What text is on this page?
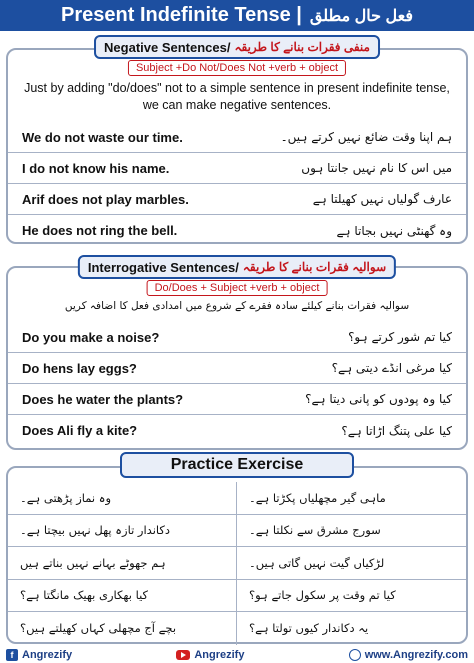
Present Indefinite Tense | فعل حال مطلق
Just by adding "do/does" not to a simple sentence in present indefinite tense, we can make negative sentences.
We do not waste our time.	ہم اپنا وقت ضائع نہیں کرتے ہیں۔
I do not know his name.	میں اس کا نام نہیں جانتا ہوں
Arif does not play marbles.	عارف گولیاں نہیں کھیلتا ہے
He does not ring the bell.	وہ گھنٹی نہیں بجاتا ہے
Negative Sentences/ منفی فقرات بنانے کا طریقہ
Subject +Do Not/Does Not +verb + object
سوالیہ فقرات بنانے کیلئے سادہ فقرے کے شروع میں امدادی فعل کا اضافہ کریں
Do you make a noise?	کیا تم شور کرتے ہو؟
Do hens lay eggs?	کیا مرغی انڈے دیتی ہے؟
Does he water the plants?	کیا وہ پودوں کو پانی دیتا ہے؟
Does Ali fly a kite?	کیا علی پتنگ اڑاتا ہے؟
Interrogative Sentences/ سوالیہ فقرات بنانے کا طریقہ
Do/Does + Subject +verb + object
وہ نماز پڑھتی ہے۔	ماہی گیر مچھلیاں پکڑتا ہے۔
دکاندار تازہ پھل نہیں بیچتا ہے۔	سورج مشرق سے نکلتا ہے۔
ہم جھوٹے بہانے نہیں بناتے ہیں	لڑکیاں گیت نہیں گاتی ہیں۔
کیا بھکاری بھیک مانگتا ہے؟	کیا تم وقت پر سکول جاتے ہو؟
بچے آج مچھلی کہاں کھیلتے ہیں؟	یہ دکاندار کیوں تولتا ہے؟
Practice Exercise
f Angrezify	Angrezify	www.Angrezify.com
